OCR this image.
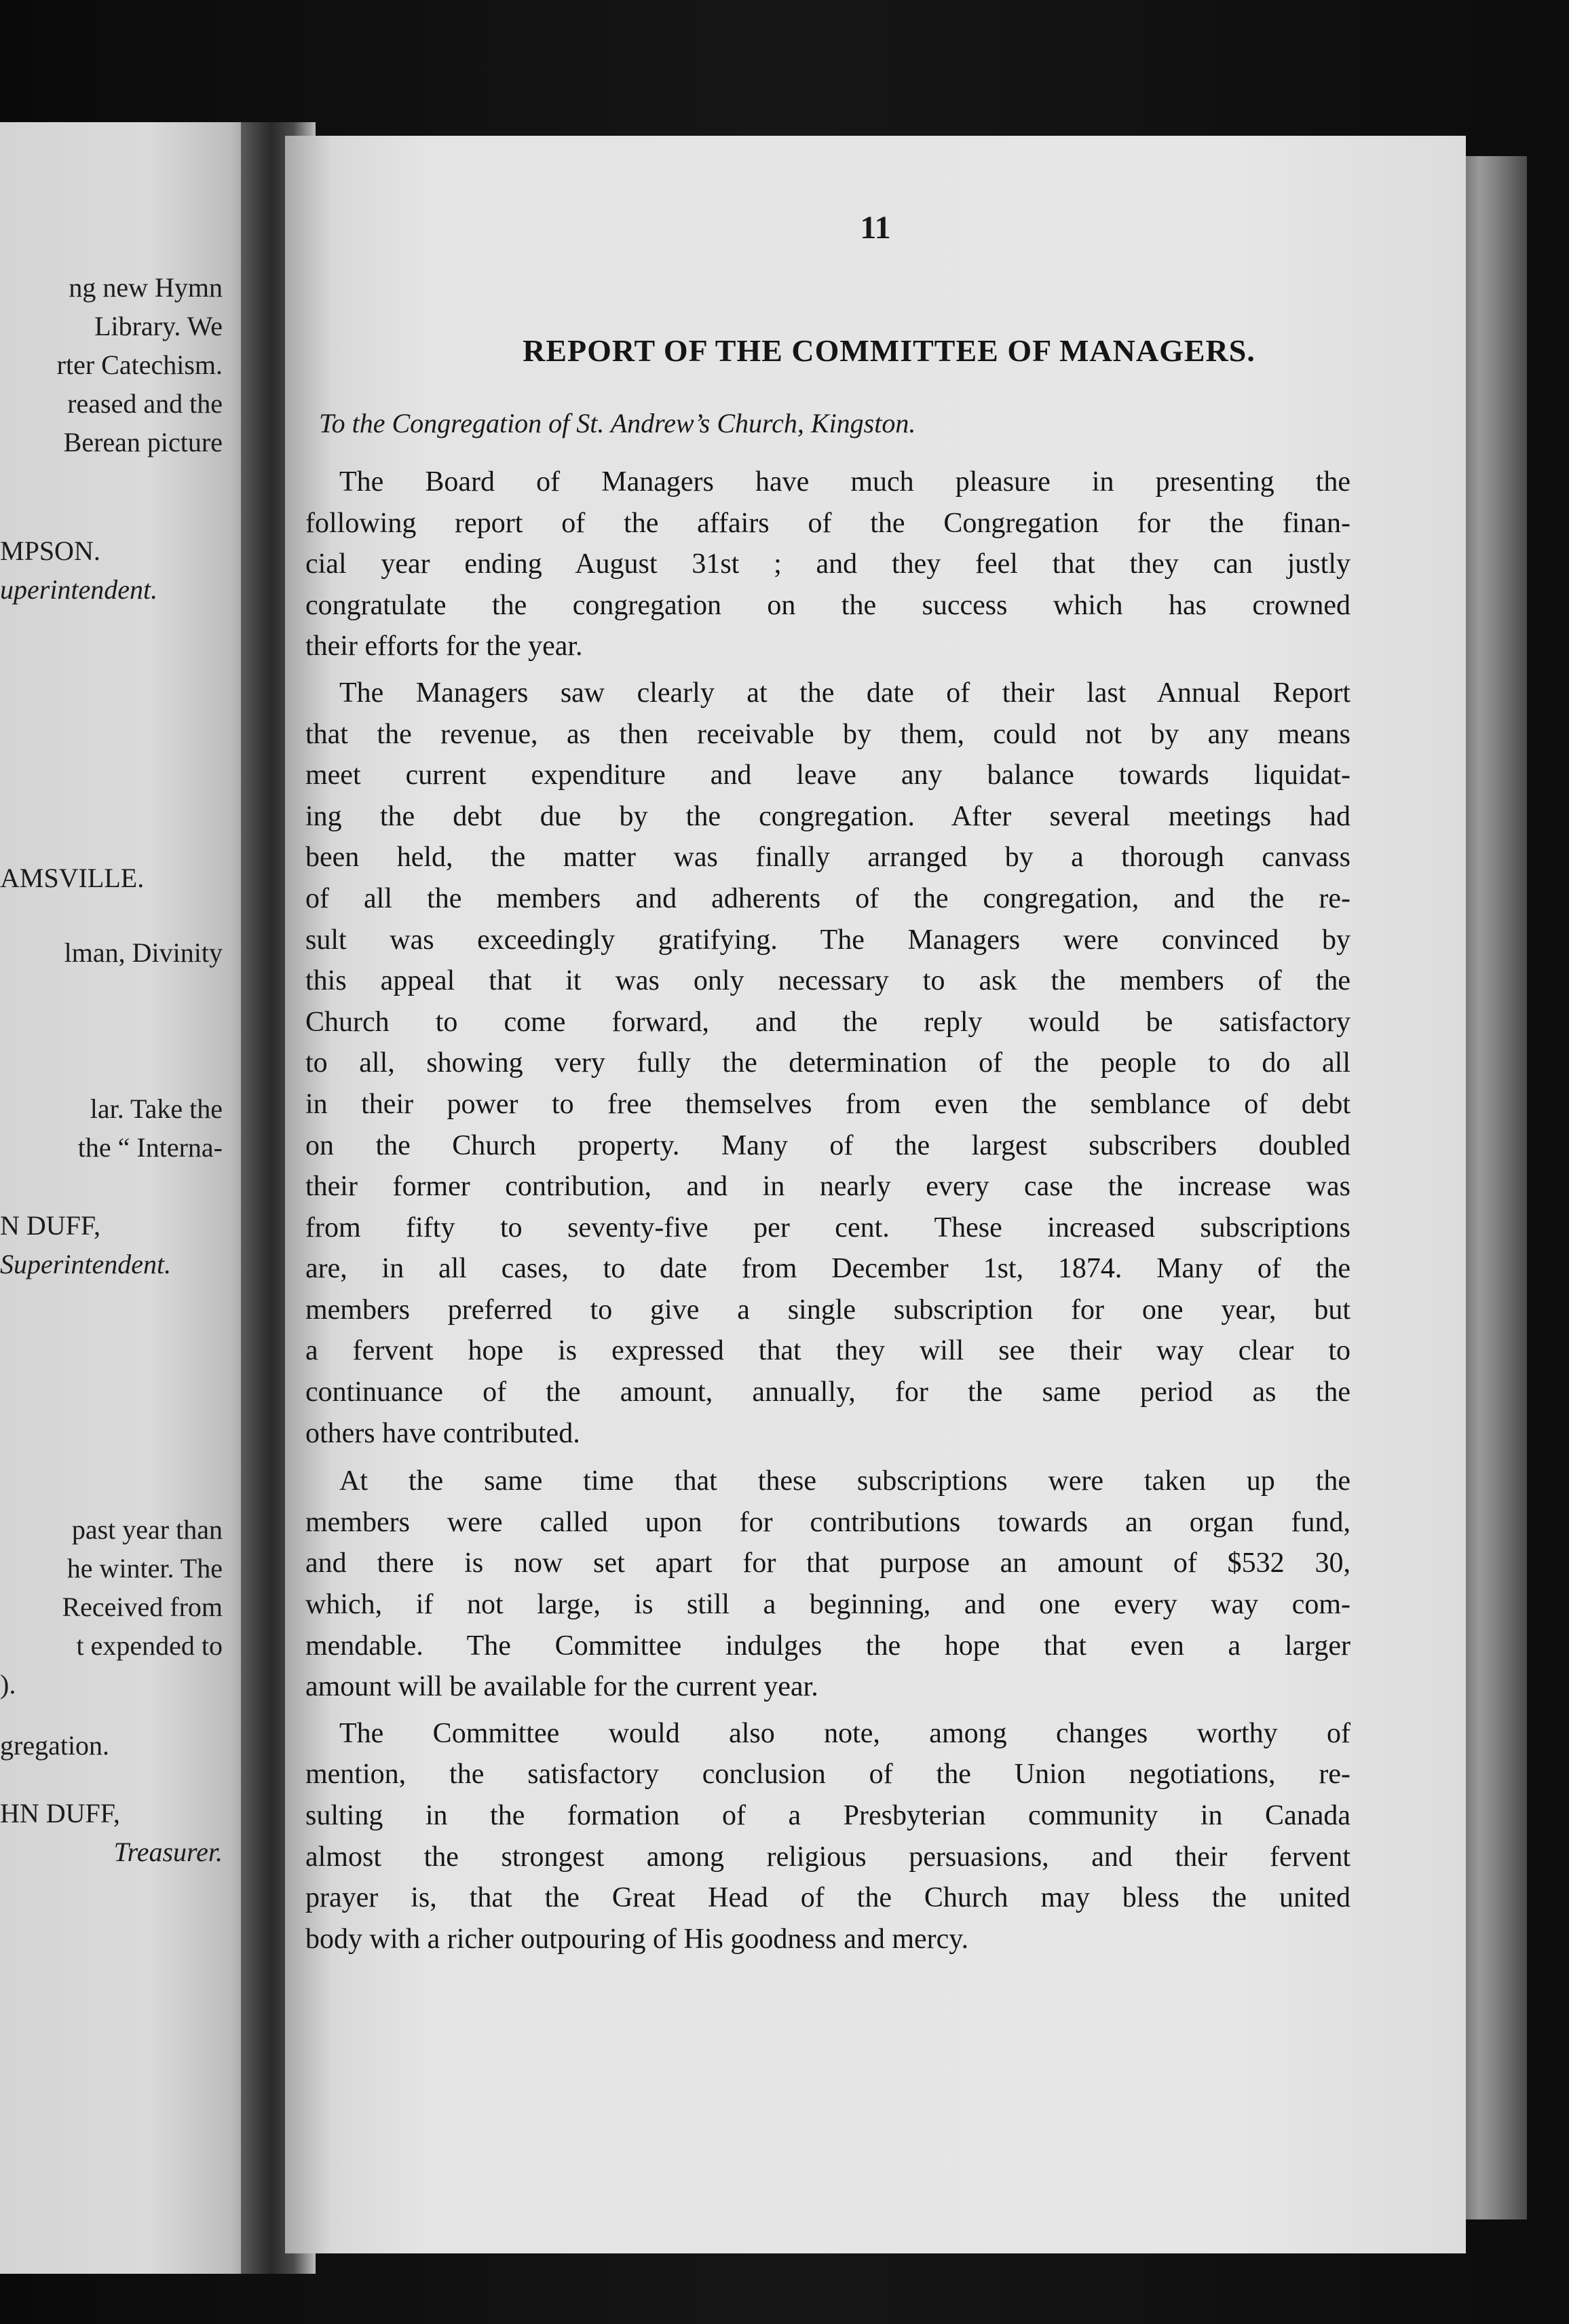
ng new Hymn
Library. We
rter Catechism.
reased and the
Berean picture
MPSON.
uperintendent.
AMSVILLE.
lman, Divinity
lar. Take the
the “ Interna-
N DUFF,
Superintendent.
past year than
he winter. The
Received from
t expended to
).
gregation.
HN DUFF,
Treasurer.
11
REPORT OF THE COMMITTEE OF MANAGERS.
To the Congregation of St. Andrew’s Church, Kingston.
The Board of Managers have much pleasure in presenting the
following report of the affairs of the Congregation for the finan-
cial year ending August 31st ; and they feel that they can justly
congratulate the congregation on the success which has crowned
their efforts for the year.
The Managers saw clearly at the date of their last Annual Report
that the revenue, as then receivable by them, could not by any means
meet current expenditure and leave any balance towards liquidat-
ing the debt due by the congregation. After several meetings had
been held, the matter was finally arranged by a thorough canvass
of all the members and adherents of the congregation, and the re-
sult was exceedingly gratifying. The Managers were convinced by
this appeal that it was only necessary to ask the members of the
Church to come forward, and the reply would be satisfactory
to all, showing very fully the determination of the people to do all
in their power to free themselves from even the semblance of debt
on the Church property. Many of the largest subscribers doubled
their former contribution, and in nearly every case the increase was
from fifty to seventy-five per cent. These increased subscriptions
are, in all cases, to date from December 1st, 1874. Many of the
members preferred to give a single subscription for one year, but
a fervent hope is expressed that they will see their way clear to
continuance of the amount, annually, for the same period as the
others have contributed.
At the same time that these subscriptions were taken up the
members were called upon for contributions towards an organ fund,
and there is now set apart for that purpose an amount of $532 30,
which, if not large, is still a beginning, and one every way com-
mendable. The Committee indulges the hope that even a larger
amount will be available for the current year.
The Committee would also note, among changes worthy of
mention, the satisfactory conclusion of the Union negotiations, re-
sulting in the formation of a Presbyterian community in Canada
almost the strongest among religious persuasions, and their fervent
prayer is, that the Great Head of the Church may bless the united
body with a richer outpouring of His goodness and mercy.
